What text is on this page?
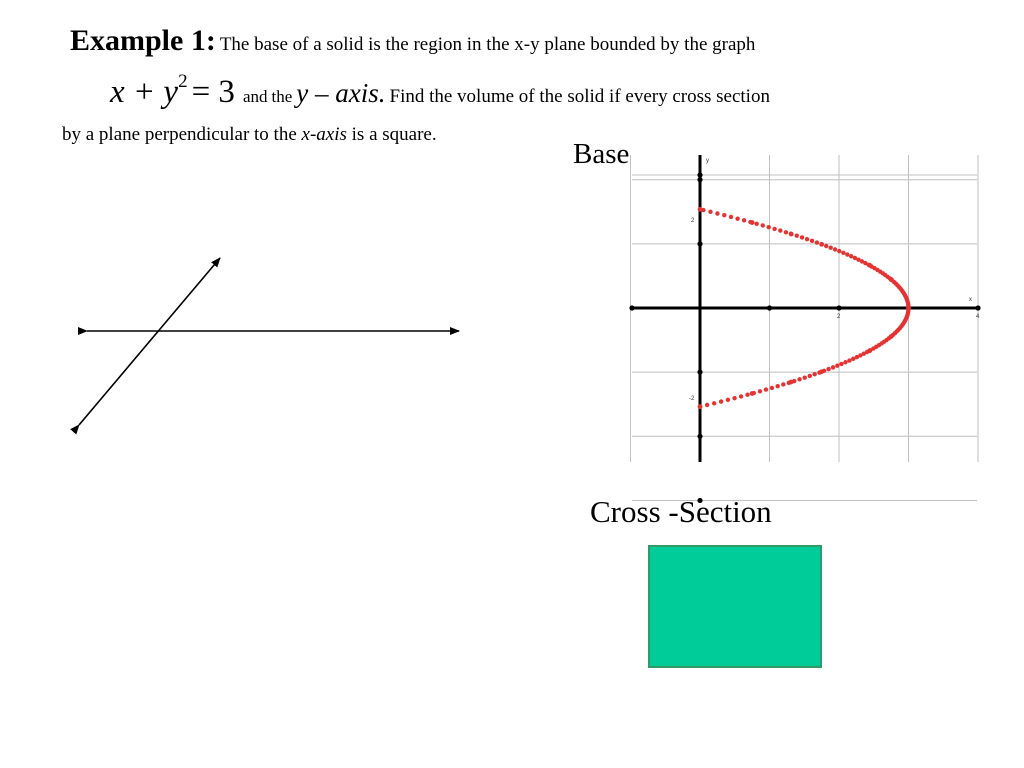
Example 1: The base of a solid is the region in the x-y plane bounded by the graph
x + y2 = 3 and the y – axis. Find the volume of the solid if every cross section
by a plane perpendicular to the x-axis is a square.
Base	y
x
2	4
2
-2
Cross -Section
